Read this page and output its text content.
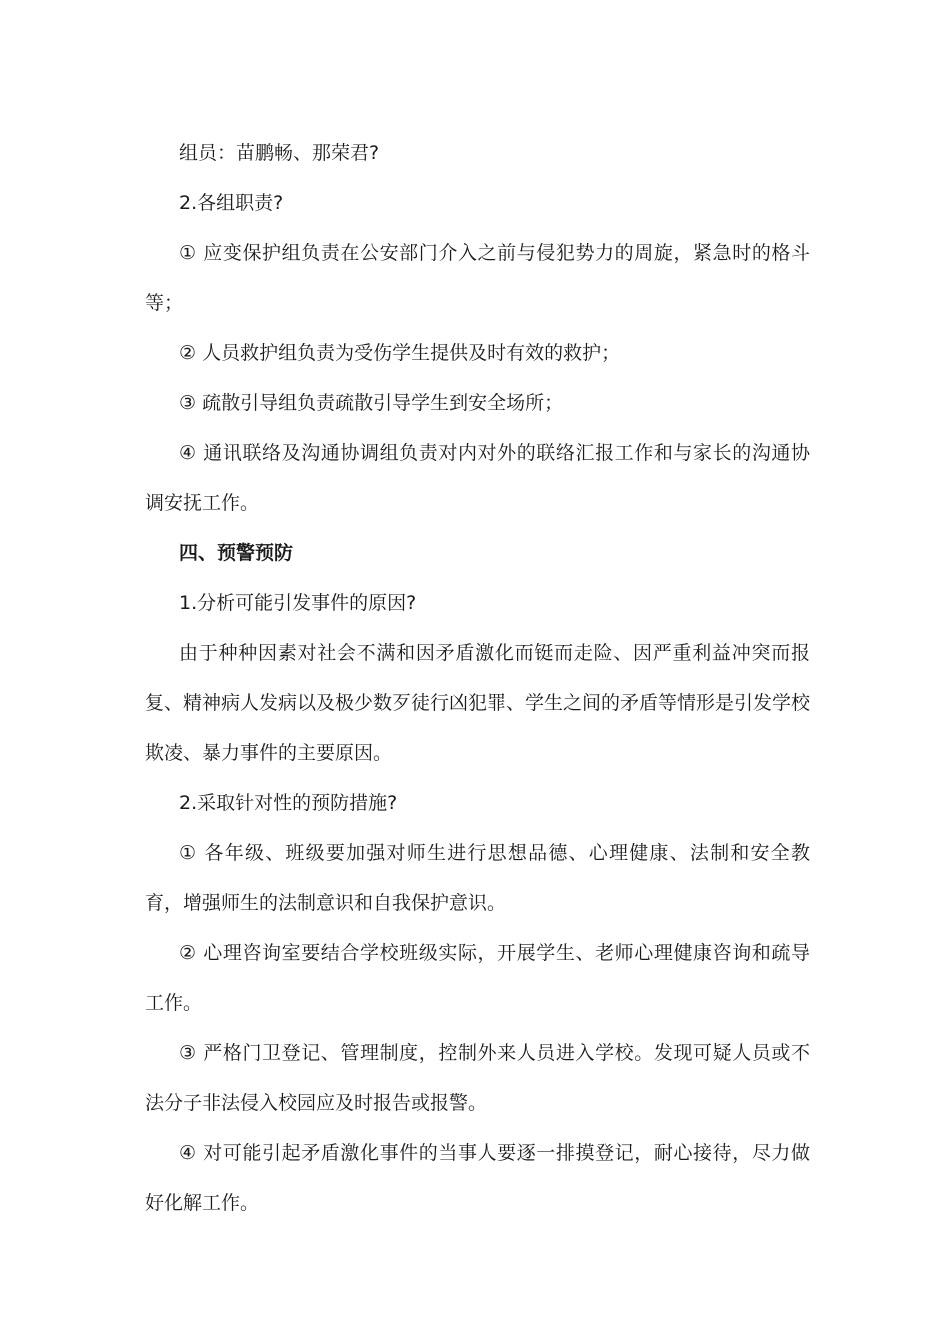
组员：苗鹏畅、那荣君?

2.各组职责?

① 应变保护组负责在公安部门介入之前与侵犯势力的周旋，紧急时的格斗等；

② 人员救护组负责为受伤学生提供及时有效的救护；

③ 疏散引导组负责疏散引导学生到安全场所；

④ 通讯联络及沟通协调组负责对内对外的联络汇报工作和与家长的沟通协调安抚工作。

四、预警预防

1.分析可能引发事件的原因?

由于种种因素对社会不满和因矛盾激化而铤而走险、因严重利益冲突而报复、精神病人发病以及极少数歹徒行凶犯罪、学生之间的矛盾等情形是引发学校欺凌、暴力事件的主要原因。

2.采取针对性的预防措施?

① 各年级、班级要加强对师生进行思想品德、心理健康、法制和安全教育，增强师生的法制意识和自我保护意识。

② 心理咨询室要结合学校班级实际，开展学生、老师心理健康咨询和疏导工作。

③ 严格门卫登记、管理制度，控制外来人员进入学校。发现可疑人员或不法分子非法侵入校园应及时报告或报警。

④ 对可能引起矛盾激化事件的当事人要逐一排摸登记，耐心接待，尽力做好化解工作。
